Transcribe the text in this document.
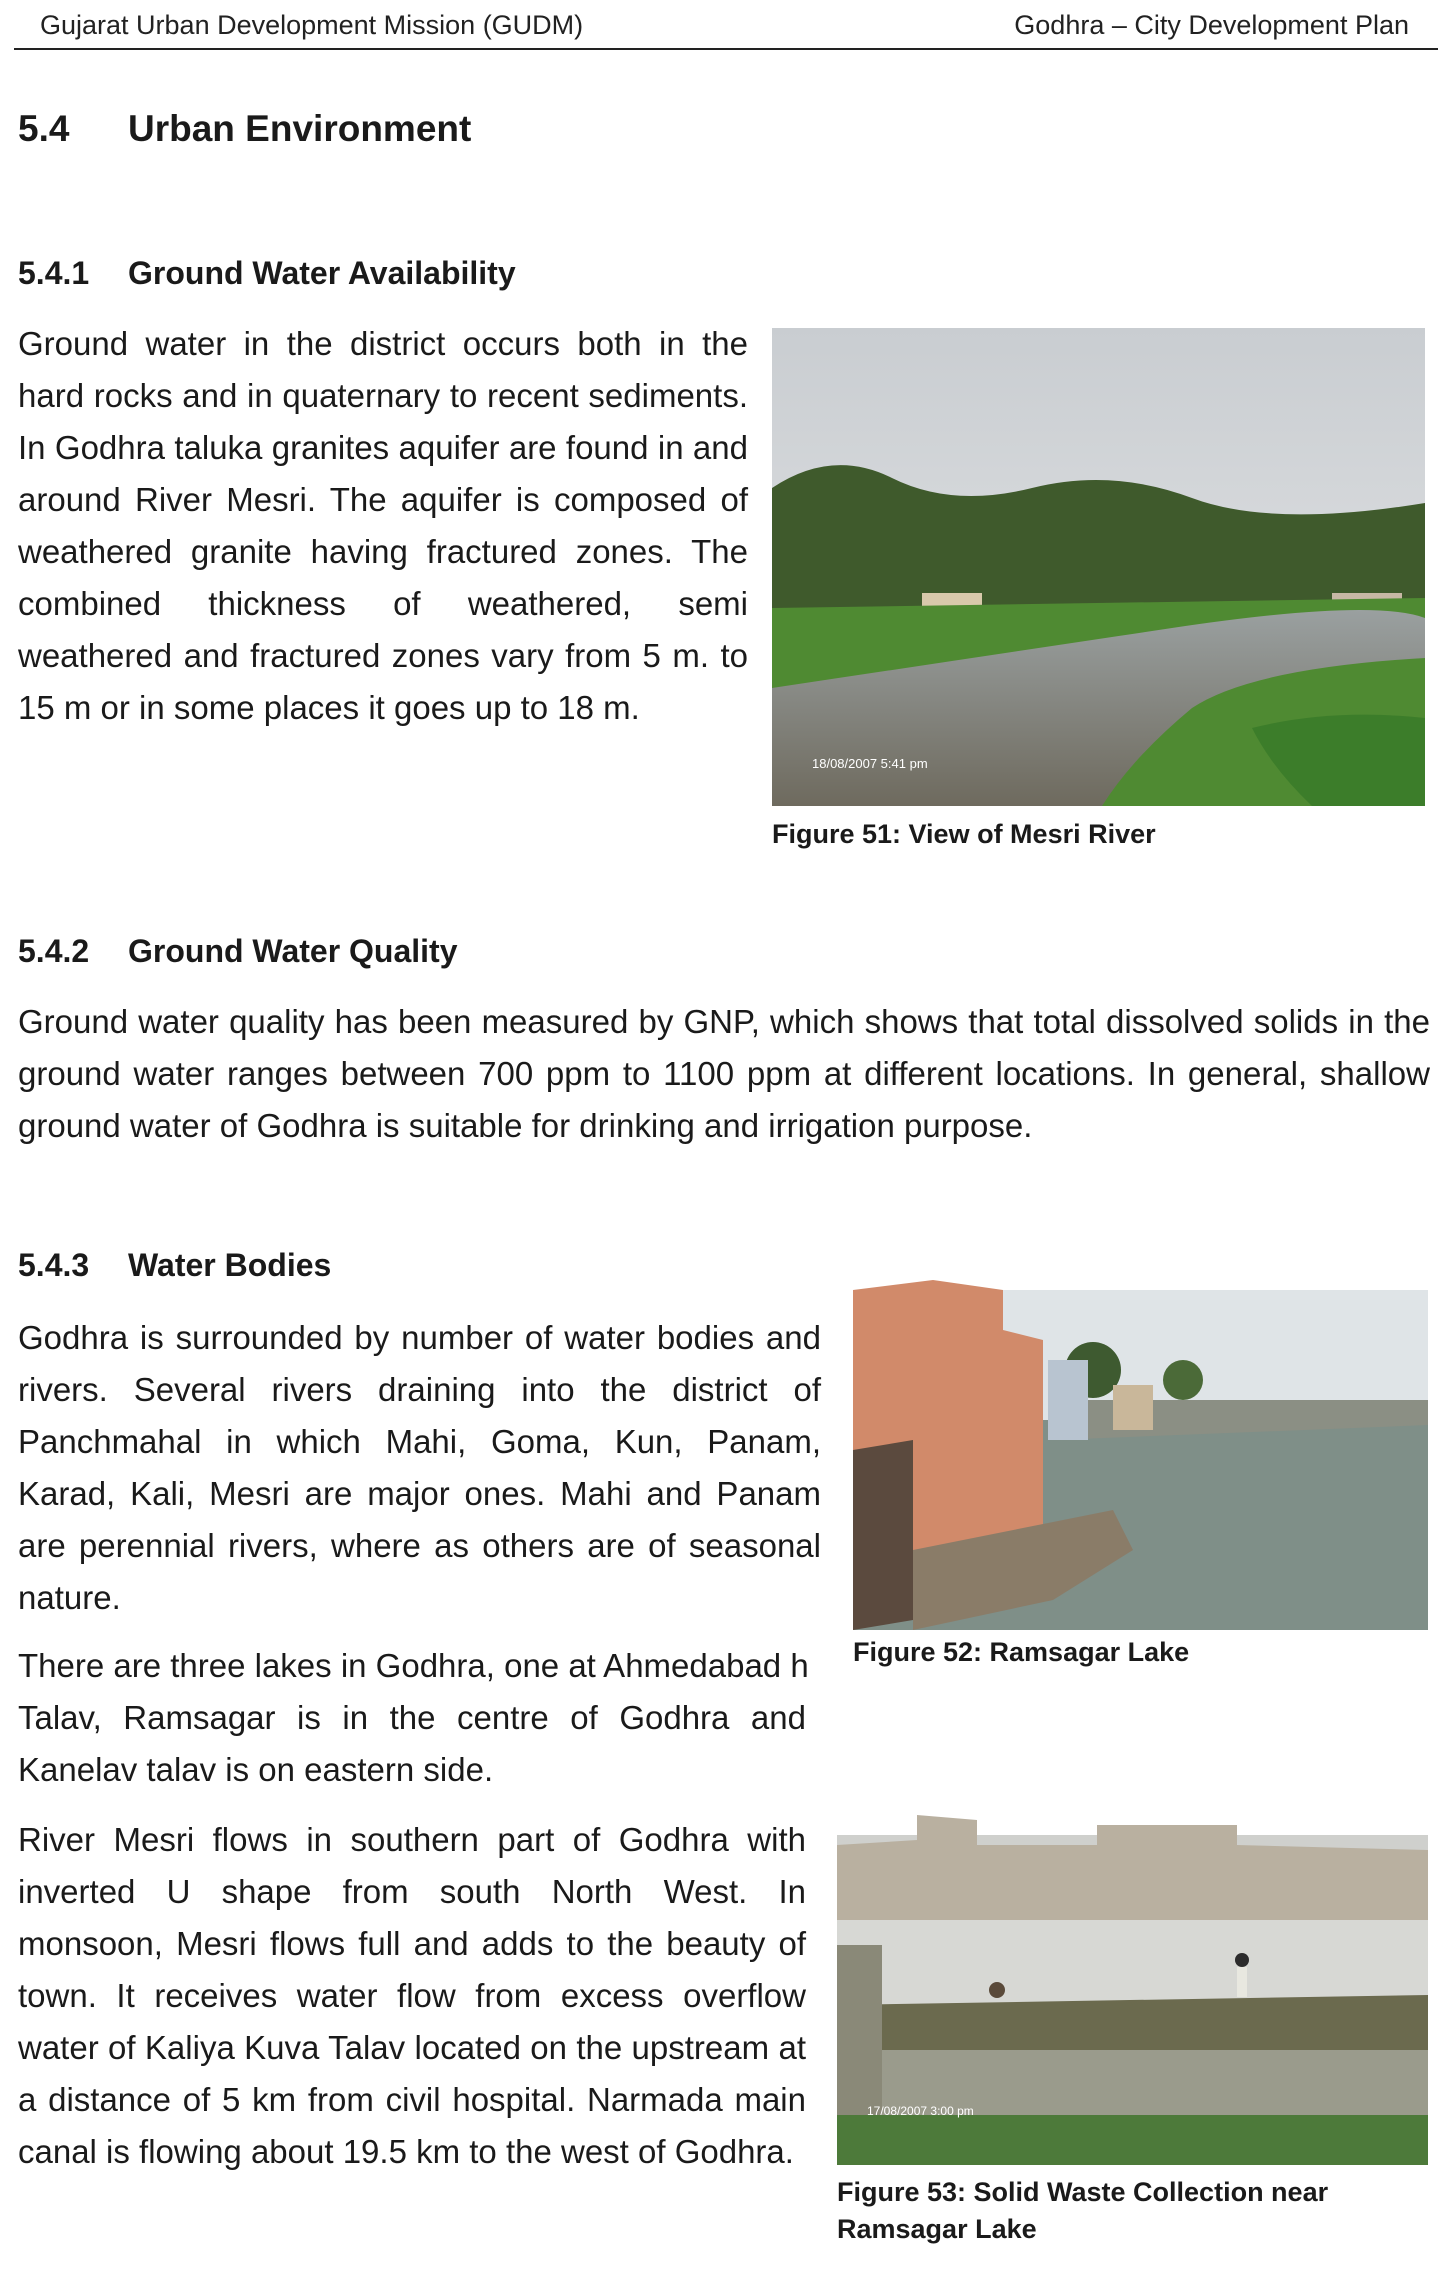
Gujarat Urban Development Mission (GUDM)	Godhra – City Development Plan
5.4 Urban Environment
5.4.1 Ground Water Availability
Ground water in the district occurs both in the hard rocks and in quaternary to recent sediments. In Godhra taluka granites aquifer are found in and around River Mesri. The aquifer is composed of weathered granite having fractured zones. The combined thickness of weathered, semi weathered and fractured zones vary from 5 m. to 15 m or in some places it goes up to 18 m.
18/08/2007 5:41 pm
Figure 51: View of Mesri River
5.4.2 Ground Water Quality
Ground water quality has been measured by GNP, which shows that total dissolved solids in the ground water ranges between 700 ppm to 1100 ppm at different locations. In general, shallow ground water of Godhra is suitable for drinking and irrigation purpose.
5.4.3 Water Bodies
Godhra is surrounded by number of water bodies and rivers. Several rivers draining into the district of Panchmahal in which Mahi, Goma, Kun, Panam, Karad, Kali, Mesri are major ones. Mahi and Panam are perennial rivers, where as others are of seasonal nature.
Figure 52: Ramsagar Lake
There are three lakes in Godhra, one at Ahmedabad h
Talav, Ramsagar is in the centre of Godhra and Kanelav talav is on eastern side.
River Mesri flows in southern part of Godhra with inverted U shape from south North West. In monsoon, Mesri flows full and adds to the beauty of town. It receives water flow from excess overflow water of Kaliya Kuva Talav located on the upstream at a distance of 5 km from civil hospital. Narmada main canal is flowing about 19.5 km to the west of Godhra.
17/08/2007 3:00 pm
Figure 53: Solid Waste Collection near Ramsagar Lake
